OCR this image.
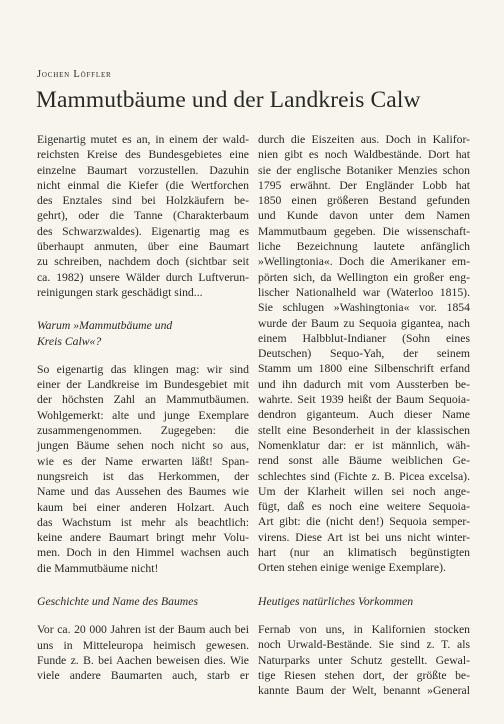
Jochen Löffler
Mammutbäume und der Landkreis Calw
Eigenartig mutet es an, in einem der wald-
reichsten Kreise des Bundesgebietes eine
einzelne Baumart vorzustellen. Dazuhin
nicht einmal die Kiefer (die Wertforchen
des Enztales sind bei Holzkäufern be-
gehrt), oder die Tanne (Charakterbaum
des Schwarzwaldes). Eigenartig mag es
überhaupt anmuten, über eine Baumart
zu schreiben, nachdem doch (sichtbar seit
ca. 1982) unsere Wälder durch Luftverun-
reinigungen stark geschädigt sind...
Warum »Mammutbäume und
Kreis Calw«?
So eigenartig das klingen mag: wir sind
einer der Landkreise im Bundesgebiet mit
der höchsten Zahl an Mammutbäumen.
Wohlgemerkt: alte und junge Exemplare
zusammengenommen. Zugegeben: die
jungen Bäume sehen noch nicht so aus,
wie es der Name erwarten läßt! Span-
nungsreich ist das Herkommen, der
Name und das Aussehen des Baumes wie
kaum bei einer anderen Holzart. Auch
das Wachstum ist mehr als beachtlich:
keine andere Baumart bringt mehr Volu-
men. Doch in den Himmel wachsen auch
die Mammutbäume nicht!
Geschichte und Name des Baumes
Vor ca. 20 000 Jahren ist der Baum auch bei
uns in Mitteleuropa heimisch gewesen.
Funde z. B. bei Aachen beweisen dies. Wie
viele andere Baumarten auch, starb er
durch die Eiszeiten aus. Doch in Kalifor-
nien gibt es noch Waldbestände. Dort hat
sie der englische Botaniker Menzies schon
1795 erwähnt. Der Engländer Lobb hat
1850 einen größeren Bestand gefunden
und Kunde davon unter dem Namen
Mammutbaum gegeben. Die wissenschaft-
liche Bezeichnung lautete anfänglich
»Wellingtonia«. Doch die Amerikaner em-
pörten sich, da Wellington ein großer eng-
lischer Nationalheld war (Waterloo 1815).
Sie schlugen »Washingtonia« vor. 1854
wurde der Baum zu Sequoia gigantea, nach
einem Halbblut-Indianer (Sohn eines
Deutschen) Sequo-Yah, der seinem
Stamm um 1800 eine Silbenschrift erfand
und ihn dadurch mit vom Aussterben be-
wahrte. Seit 1939 heißt der Baum Sequoia-
dendron giganteum. Auch dieser Name
stellt eine Besonderheit in der klassischen
Nomenklatur dar: er ist männlich, wäh-
rend sonst alle Bäume weiblichen Ge-
schlechtes sind (Fichte z. B. Picea excelsa).
Um der Klarheit willen sei noch ange-
fügt, daß es noch eine weitere Sequoia-
Art gibt: die (nicht den!) Sequoia semper-
virens. Diese Art ist bei uns nicht winter-
hart (nur an klimatisch begünstigten
Orten stehen einige wenige Exemplare).
Heutiges natürliches Vorkommen
Fernab von uns, in Kalifornien stocken
noch Urwald-Bestände. Sie sind z. T. als
Naturparks unter Schutz gestellt. Gewal-
tige Riesen stehen dort, der größte be-
kannte Baum der Welt, benannt »General
